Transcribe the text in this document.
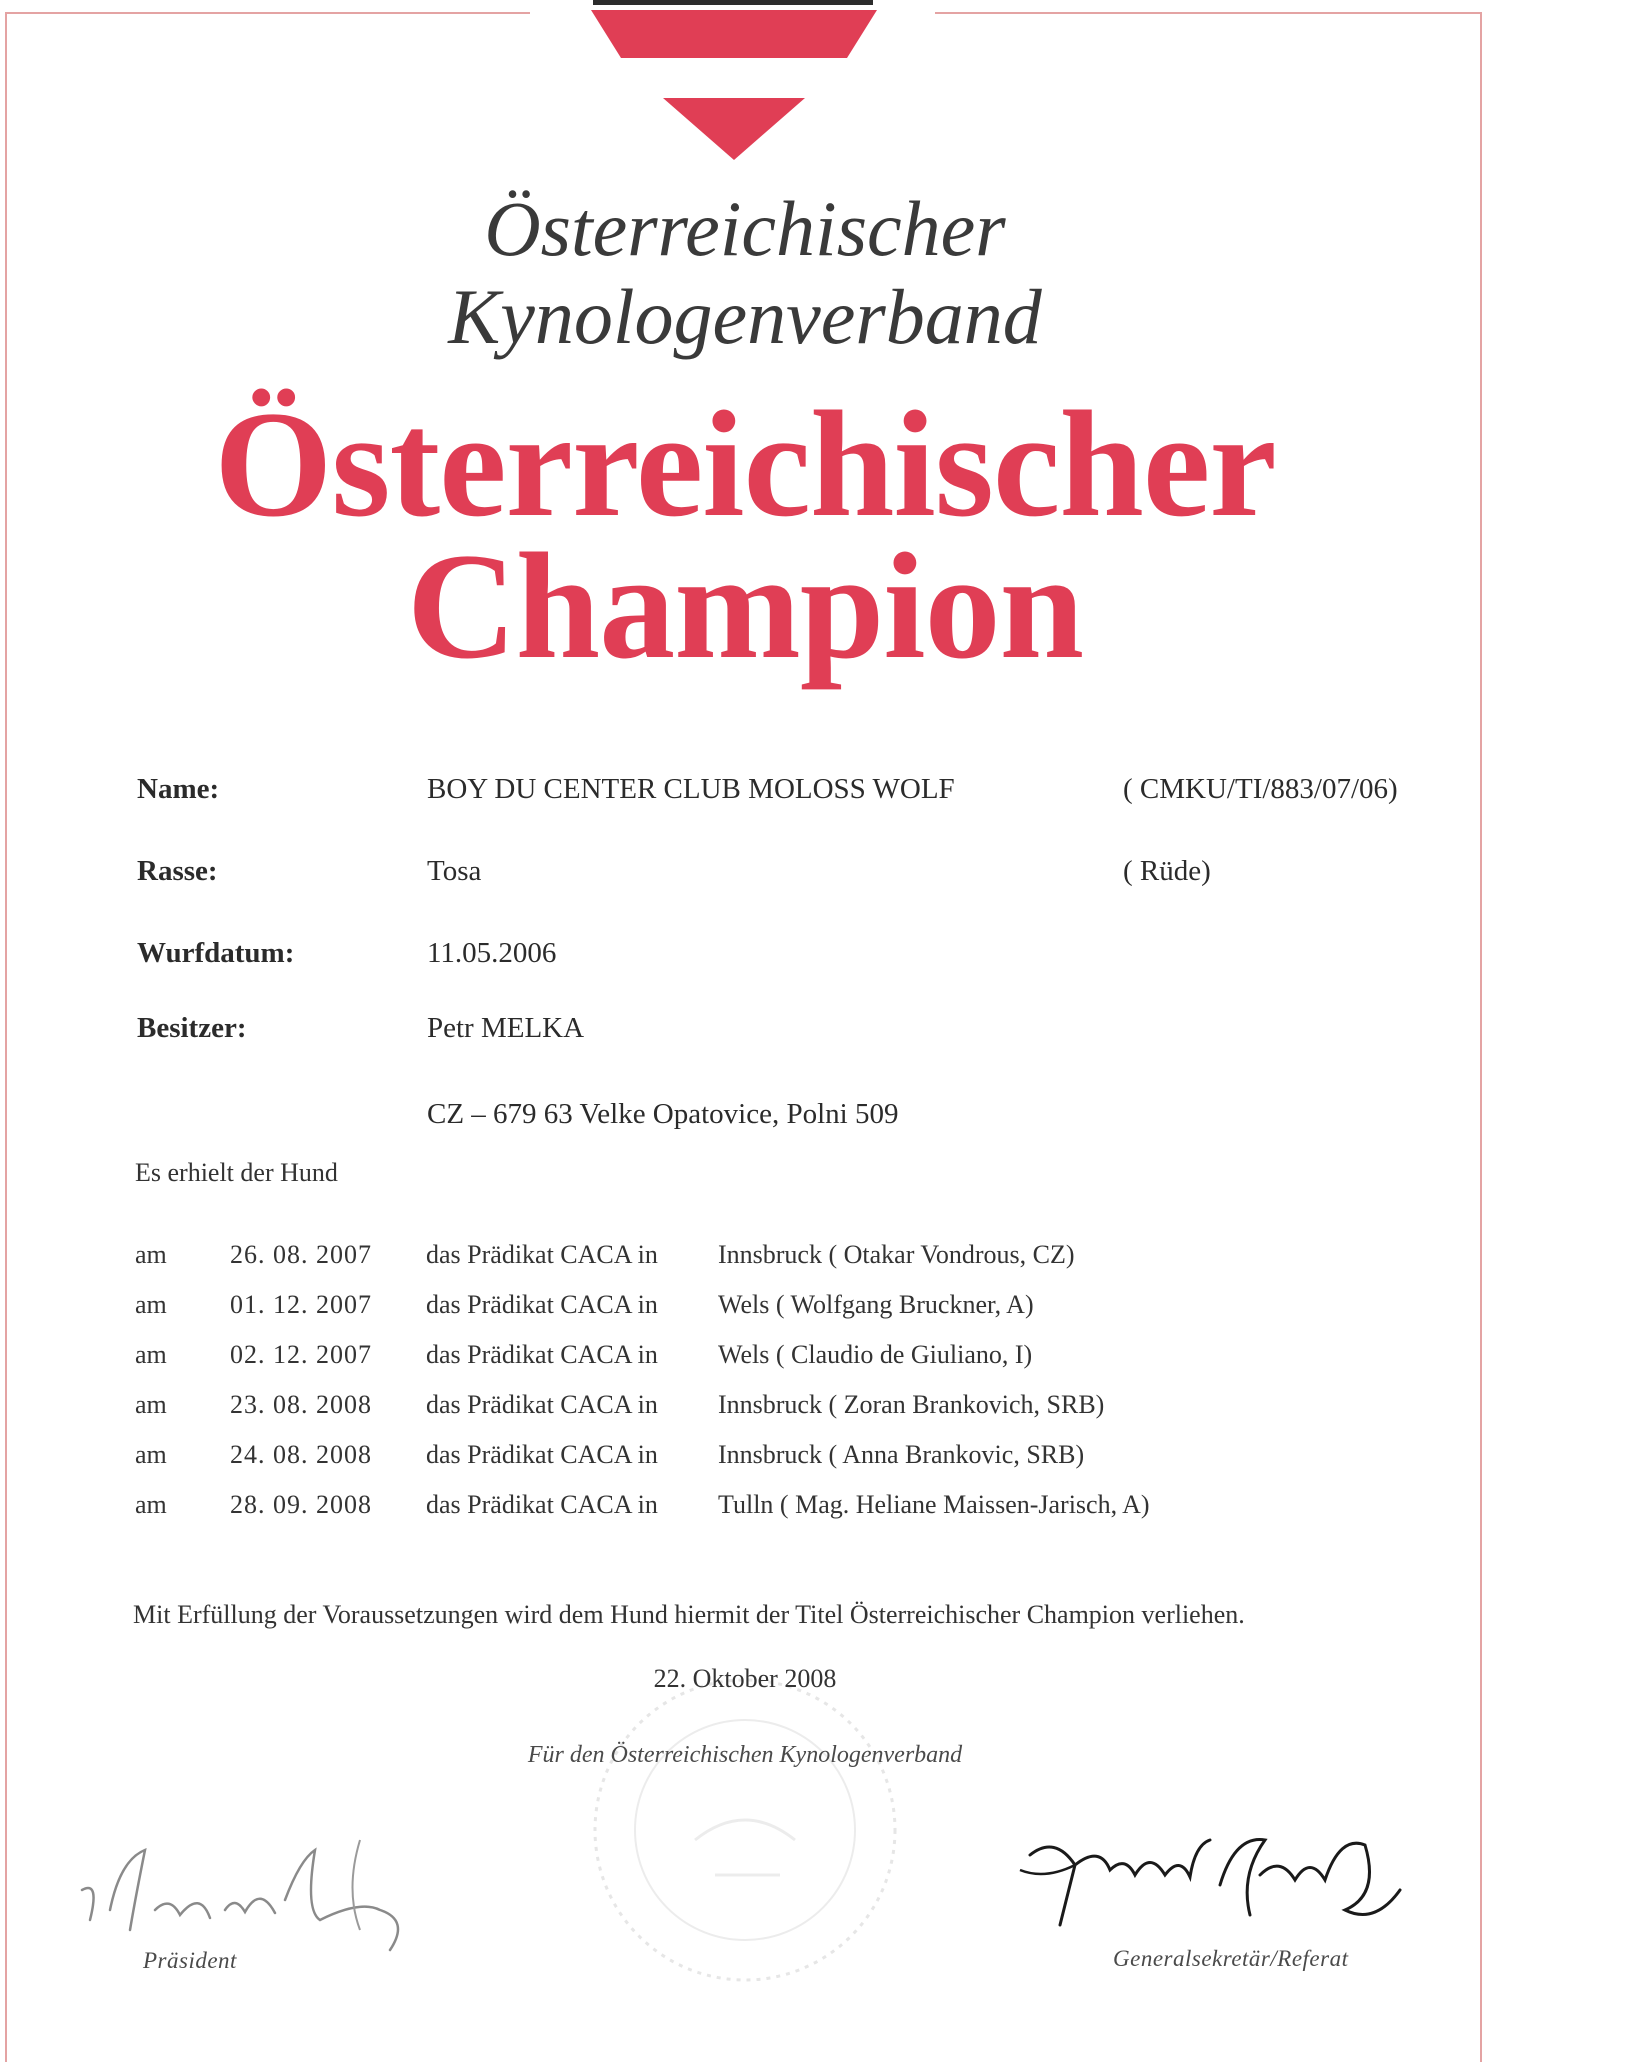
Österreichischer
Kynologenverband
Österreichischer
Champion
Name:	BOY DU CENTER CLUB MOLOSS WOLF	( CMKU/TI/883/07/06)
Rasse:	Tosa	( Rüde)
Wurfdatum:	11.05.2006
Besitzer:	Petr MELKA
CZ – 679 63 Velke Opatovice, Polni 509
Es erhielt der Hund
am 26. 08. 2007 das Prädikat CACA in Innsbruck ( Otakar Vondrous, CZ)
am 01. 12. 2007 das Prädikat CACA in Wels ( Wolfgang Bruckner, A)
am 02. 12. 2007 das Prädikat CACA in Wels ( Claudio de Giuliano, I)
am 23. 08. 2008 das Prädikat CACA in Innsbruck ( Zoran Brankovich, SRB)
am 24. 08. 2008 das Prädikat CACA in Innsbruck ( Anna Brankovic, SRB)
am 28. 09. 2008 das Prädikat CACA in Tulln ( Mag. Heliane Maissen-Jarisch, A)
Mit Erfüllung der Voraussetzungen wird dem Hund hiermit der Titel Österreichischer Champion verliehen.
22. Oktober 2008
Für den Österreichischen Kynologenverband
Präsident	Generalsekretär/Referat
